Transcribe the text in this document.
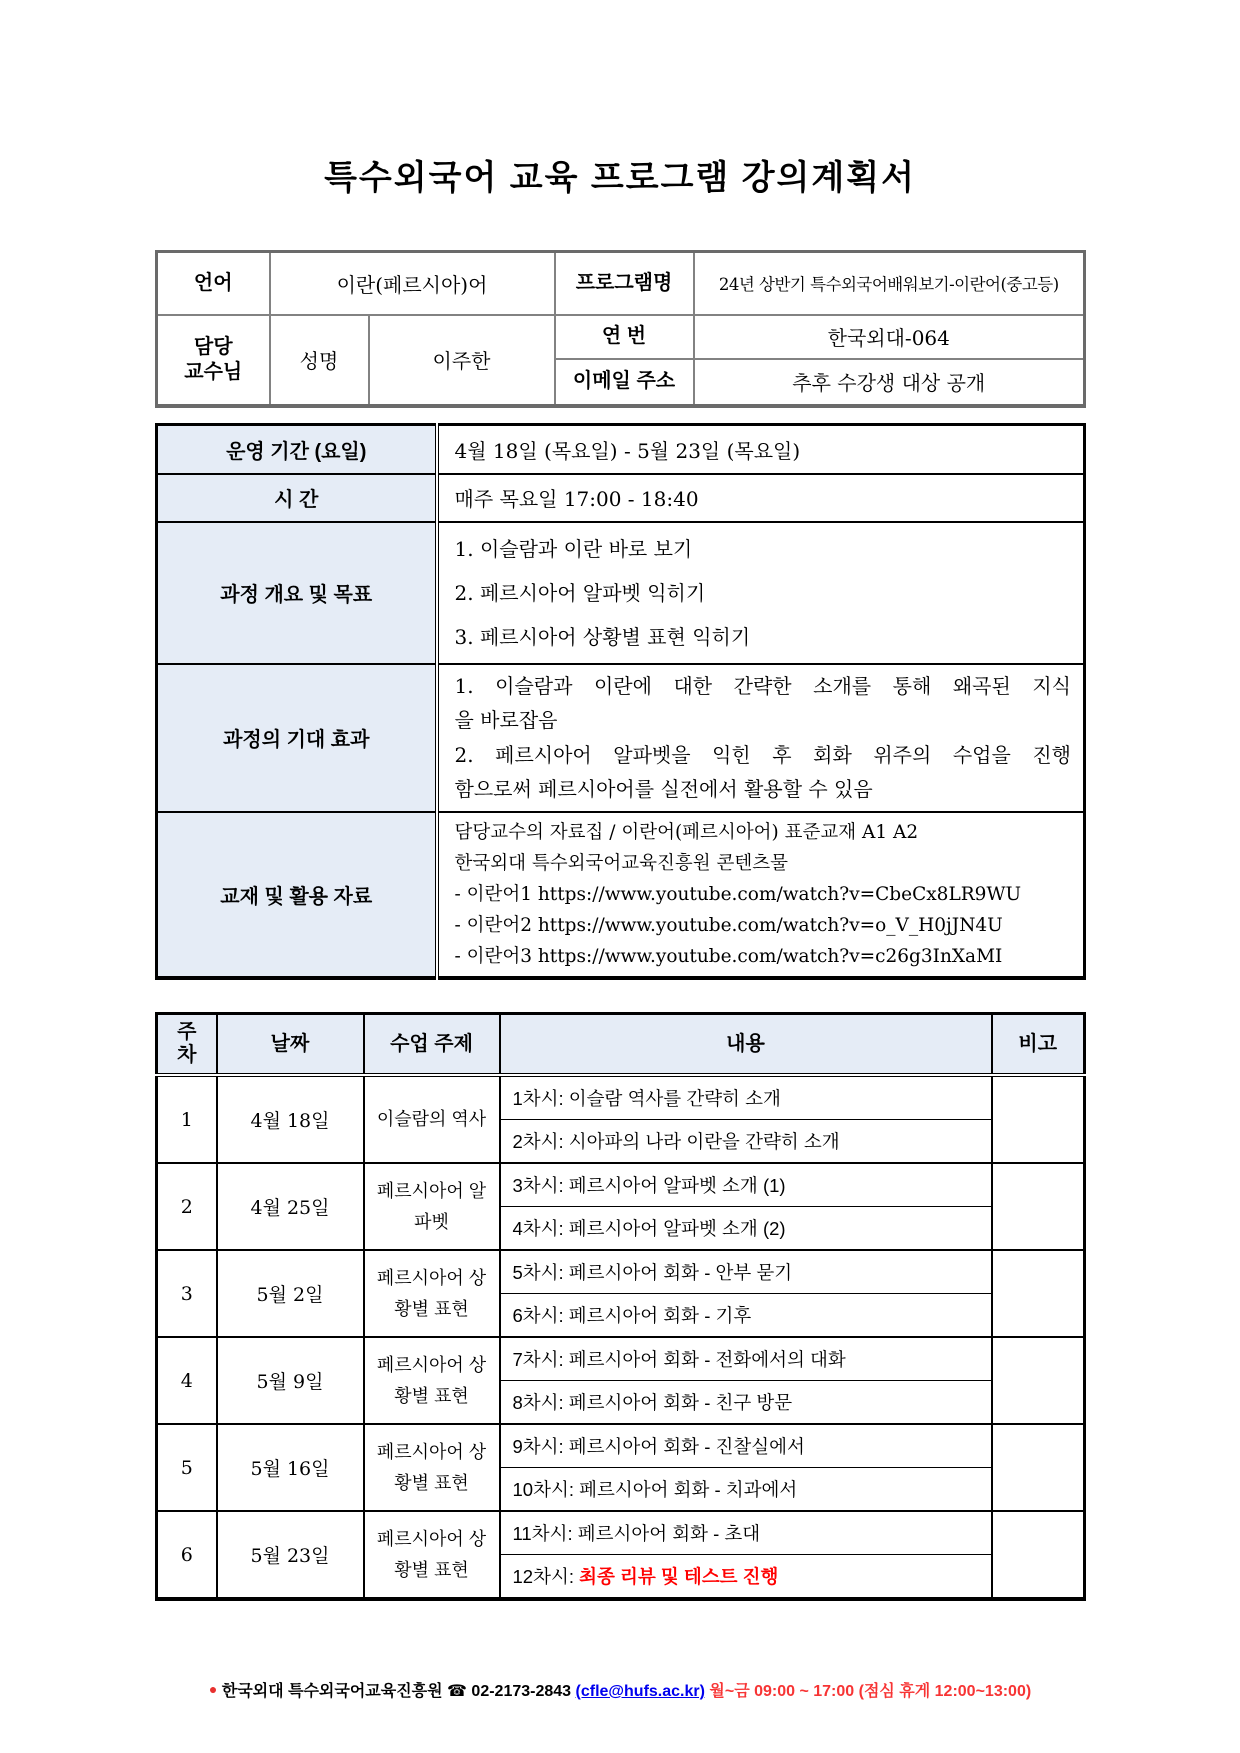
특수외국어 교육 프로그램 강의계획서
언어	이란(페르시아)어		프로그램명	24년 상반기 특수외국어배워보기-이란어(중고등)

담당
교수님	성명	이주한	연 번	한국외대-064
			이메일 주소	추후 수강생 대상 공개
운영 기간 (요일)	4월 18일 (목요일) - 5월 23일 (목요일)
시 간	매주 목요일 17:00 - 18:40
과정 개요 및 목표	1. 이슬람과 이란 바로 보기
2. 페르시아어 알파벳 익히기
3. 페르시아어 상황별 표현 익히기

과정의 기대 효과	1. 이슬람과 이란에 대한 간략한 소개를 통해 왜곡된 지식
을 바로잡음
2. 페르시아어 알파벳을 익힌 후 회화 위주의 수업을 진행
함으로써 페르시아어를 실전에서 활용할 수 있음

교재 및 활용 자료	담당교수의 자료집 / 이란어(페르시아어) 표준교재 A1 A2
한국외대 특수외국어교육진흥원 콘텐츠물
- 이란어1 https://www.youtube.com/watch?v=CbeCx8LR9WU
- 이란어2 https://www.youtube.com/watch?v=o_V_H0jJN4U
- 이란어3 https://www.youtube.com/watch?v=c26g3InXaMI
주
차	날짜	수업 주제	내용	비고
1	4월 18일	이슬람의 역사	1차시: 이슬람 역사를 간략히 소개	
			2차시: 시아파의 나라 이란을 간략히 소개	
2	4월 25일	페르시아어 알파벳	3차시: 페르시아어 알파벳 소개 (1)	
			4차시: 페르시아어 알파벳 소개 (2)	
3	5월 2일	페르시아어 상황별 표현	5차시: 페르시아어 회화 - 안부 묻기	
			6차시: 페르시아어 회화 - 기후	
4	5월 9일	페르시아어 상황별 표현	7차시: 페르시아어 회화 - 전화에서의 대화	
			8차시: 페르시아어 회화 - 친구 방문	
5	5월 16일	페르시아어 상황별 표현	9차시: 페르시아어 회화 - 진찰실에서	
			10차시: 페르시아어 회화 - 치과에서	
6	5월 23일	페르시아어 상황별 표현	11차시: 페르시아어 회화 - 초대	
			12차시: 최종 리뷰 및 테스트 진행	
● 한국외대 특수외국어교육진흥원 ☎ 02-2173-2843 (cfle@hufs.ac.kr) 월~금 09:00 ~ 17:00 (점심 휴게 12:00~13:00)
